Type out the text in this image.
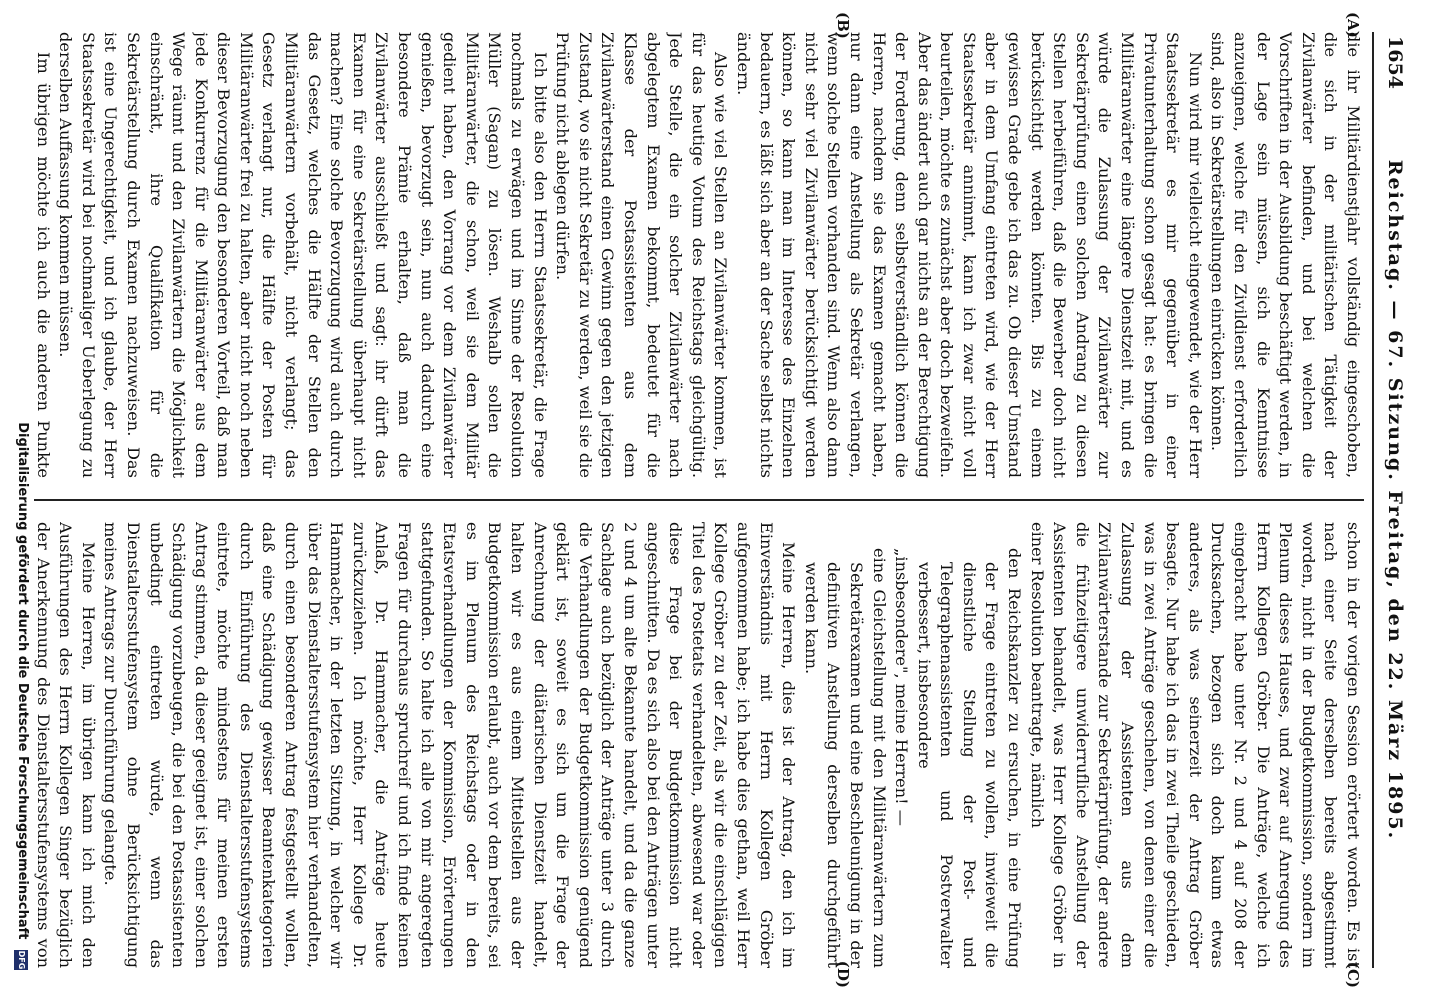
1654
Reichstag. — 67. Sitzung. Freitag, den 22. März 1895.
(A)
(B)
(C)
(D)

die ihr Militärdienstjahr vollständig eingeschoben, die sich in der militärischen Tätigkeit der Zivilanwärter befinden, und bei welchen die Vorschriften in der Ausbildung beschäftigt werden, in der Lage sein müssen, sich die Kenntnisse anzueignen, welche für den Zivildienst erforderlich sind, also in Sekretärstellungen einrücken können.

Nun wird mir vielleicht eingewendet, wie der Herr Staatssekretär es mir gegenüber in einer Privatunterhaltung schon gesagt hat: es bringen die Militäranwärter eine längere Dienstzeit mit, und es würde die Zulassung der Zivilanwärter zur Sekretärprüfung einen solchen Andrang zu diesen Stellen herbeiführen, daß die Bewerber doch nicht berücksichtigt werden könnten. Bis zu einem gewissen Grade gebe ich das zu. Ob dieser Umstand aber in dem Umfang eintreten wird, wie der Herr Staatssekretär annimmt, kann ich zwar nicht voll beurteilen, möchte es zunächst aber doch bezweifeln. Aber das ändert auch gar nichts an der Berechtigung der Forderung, denn selbstverständlich können die Herren, nachdem sie das Examen gemacht haben, nur dann eine Anstellung als Sekretär verlangen, wenn solche Stellen vorhanden sind. Wenn also dann nicht sehr viel Zivilanwärter berücksichtigt werden können, so kann man im Interesse des Einzelnen bedauern, es läßt sich aber an der Sache selbst nichts ändern.

Also wie viel Stellen an Zivilanwärter kommen, ist für das heutige Votum des Reichstags gleichgültig. Jede Stelle, die ein solcher Zivilanwärter nach abgelegtem Examen bekommt, bedeutet für die Klasse der Postassistenten aus dem Zivilanwärterstand einen Gewinn gegen den jetzigen Zustand, wo sie nicht Sekretär zu werden, weil sie die Prüfung nicht ablegen dürfen.

Ich bitte also den Herrn Staatssekretär, die Frage nochmals zu erwägen und im Sinne der Resolution Müller (Sagan) zu lösen. Weshalb sollen die Militäranwärter, die schon, weil sie dem Militär gedient haben, den Vorrang vor dem Zivilanwärter genießen, bevorzugt sein, nun auch dadurch eine besondere Prämie erhalten, daß man die Zivilanwärter ausschließt und sagt: ihr dürft das Examen für eine Sekretärstellung überhaupt nicht machen? Eine solche Bevorzugung wird auch durch das Gesetz, welches die Hälfte der Stellen den Militäranwärtern vorbehält, nicht verlangt; das Gesetz verlangt nur, die Hälfte der Posten für Militäranwärter frei zu halten, aber nicht noch neben dieser Bevorzugung den besonderen Vorteil, daß man jede Konkurrenz für die Militäranwärter aus dem Wege räumt und den Zivilanwärtern die Möglichkeit einschränkt, ihre Qualifikation für die Sekretärstellung durch Examen nachzuweisen. Das ist eine Ungerechtigkeit, und ich glaube, der Herr Staatssekretär wird bei nochmaliger Ueberlegung zu derselben Auffassung kommen müssen.

Im übrigen möchte ich auch die anderen Punkte

schon in der vorigen Session erörtert worden. Es ist nach einer Seite derselben bereits abgestimmt worden, nicht in der Budgetkommission, sondern im Plenum dieses Hauses, und zwar auf Anregung des Herrn Kollegen Gröber. Die Anträge, welche ich eingebracht habe unter Nr. 2 und 4 auf 208 der Drucksachen, bezogen sich doch kaum etwas anderes, als was seinerzeit der Antrag Gröber besagte. Nur habe ich das in zwei Theile geschieden, was in zwei Anträge geschehen, von denen einer die Zulassung der Assistenten aus dem Zivilanwärterstande zur Sekretärprüfung, der andere die frühzeitigere unwiderrufliche Anstellung der Assistenten behandelt, was Herr Kollege Gröber in einer Resolution beantragte, nämlich

den Reichskanzler zu ersuchen, in eine Prüfung der Frage eintreten zu wollen, inwieweit die dienstliche Stellung der Post- und Telegraphenassistenten und Postverwalter verbessert, insbesondere

„insbesondere", meine Herren! —

eine Gleichstellung mit den Militäranwärtern zum Sekretärexamen und eine Beschleunigung in der definitiven Anstellung derselben durchgeführt werden kann.

Meine Herren, dies ist der Antrag, den ich im Einverständnis mit Herrn Kollegen Gröber aufgenommen habe; ich habe dies gethan, weil Herr Kollege Gröber zu der Zeit, als wir die einschlägigen Titel des Postetats verhandelten, abwesend war oder diese Frage bei der Budgetkommission nicht angeschnitten. Da es sich also bei den Anträgen unter 2 und 4 um alte Bekannte handelt, und da die ganze Sachlage auch bezüglich der Anträge unter 3 durch die Verhandlungen der Budgetkommission genügend geklärt ist, soweit es sich um die Frage der Anrechnung der diätarischen Dienstzeit handelt, halten wir es aus einem Mittelstellen aus der Budgetkommission erlaubt, auch vor dem bereits, sei es im Plenum des Reichstags oder in den Etatsverhandlungen der Kommission, Erörterungen stattgefunden. So halte ich alle von mir angeregten Fragen für durchaus spruchreif und ich finde keinen Anlaß, Dr. Hammacher, die Anträge heute zurückzuziehen. Ich möchte, Herr Kollege Dr. Hammacher, in der letzten Sitzung, in welcher wir über das Dienstaltersstufensystem hier verhandelten, durch einen besonderen Antrag festgestellt wollen, daß eine Schädigung gewisser Beamtenkategorien durch Einführung des Dienstaltersstufensystems eintrete, möchte mindestens für meinen ersten Antrag stimmen, da dieser geeignet ist, einer solchen Schädigung vorzubeugen, die bei den Postassistenten unbedingt eintreten würde, wenn das Dienstaltersstufensystem ohne Berücksichtigung meines Antrags zur Durchführung gelangte.

Meine Herren, im übrigen kann ich mich den Ausführungen des Herrn Kollegen Singer bezüglich der Anerkennung des Dienstaltersstufensystems von

Digitalisierung gefördert durch die Deutsche Forschungsgemeinschaft DFG
